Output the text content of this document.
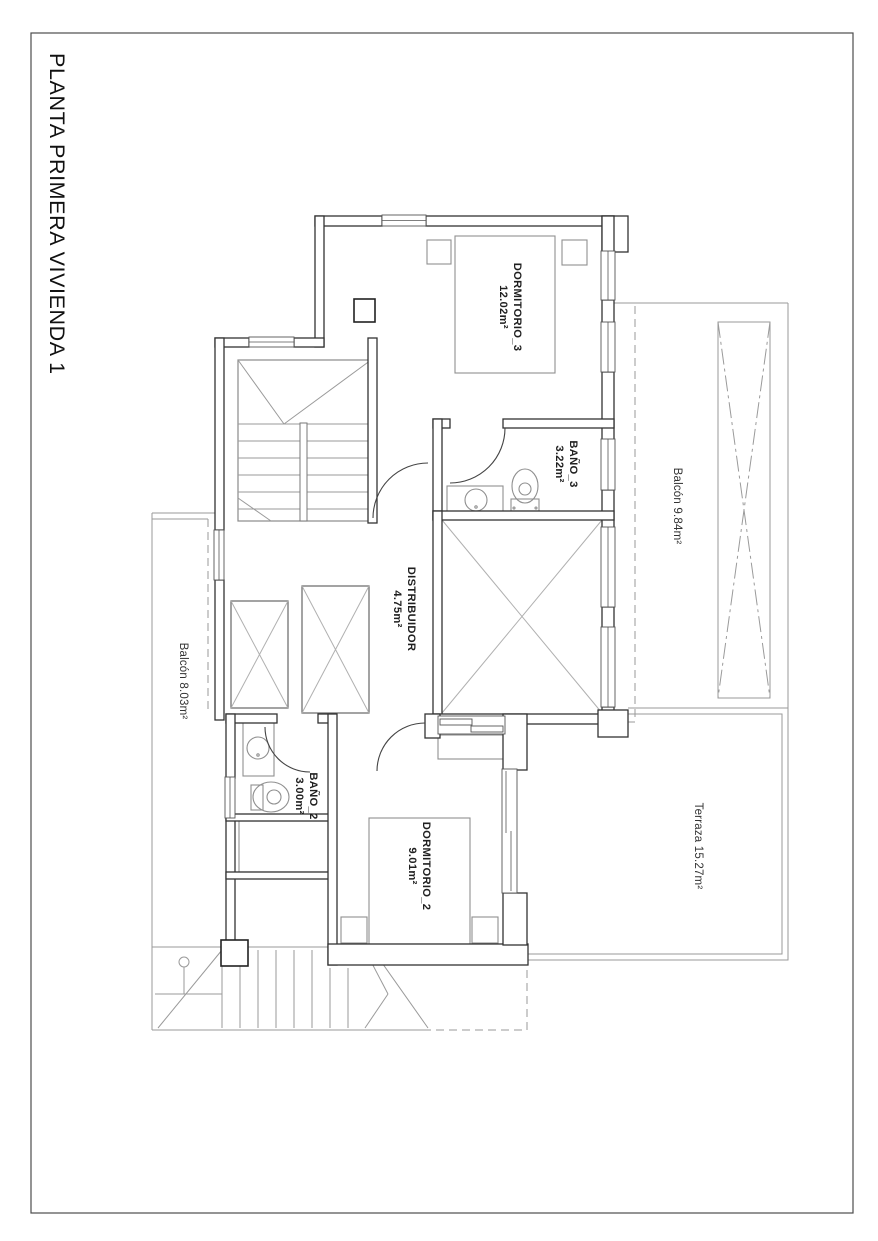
PLANTA PRIMERA VIVIENDA 1	DORMITORIO_3
12.02m²
BAÑO_3
3.22m²
DISTRIBUIDOR
4.75m²
BAÑO_2
3.00m²
DORMITORIO_2
9.01m²
Balcón 9.84m²
Balcón 8.03m²
Terraza 15.27m²
